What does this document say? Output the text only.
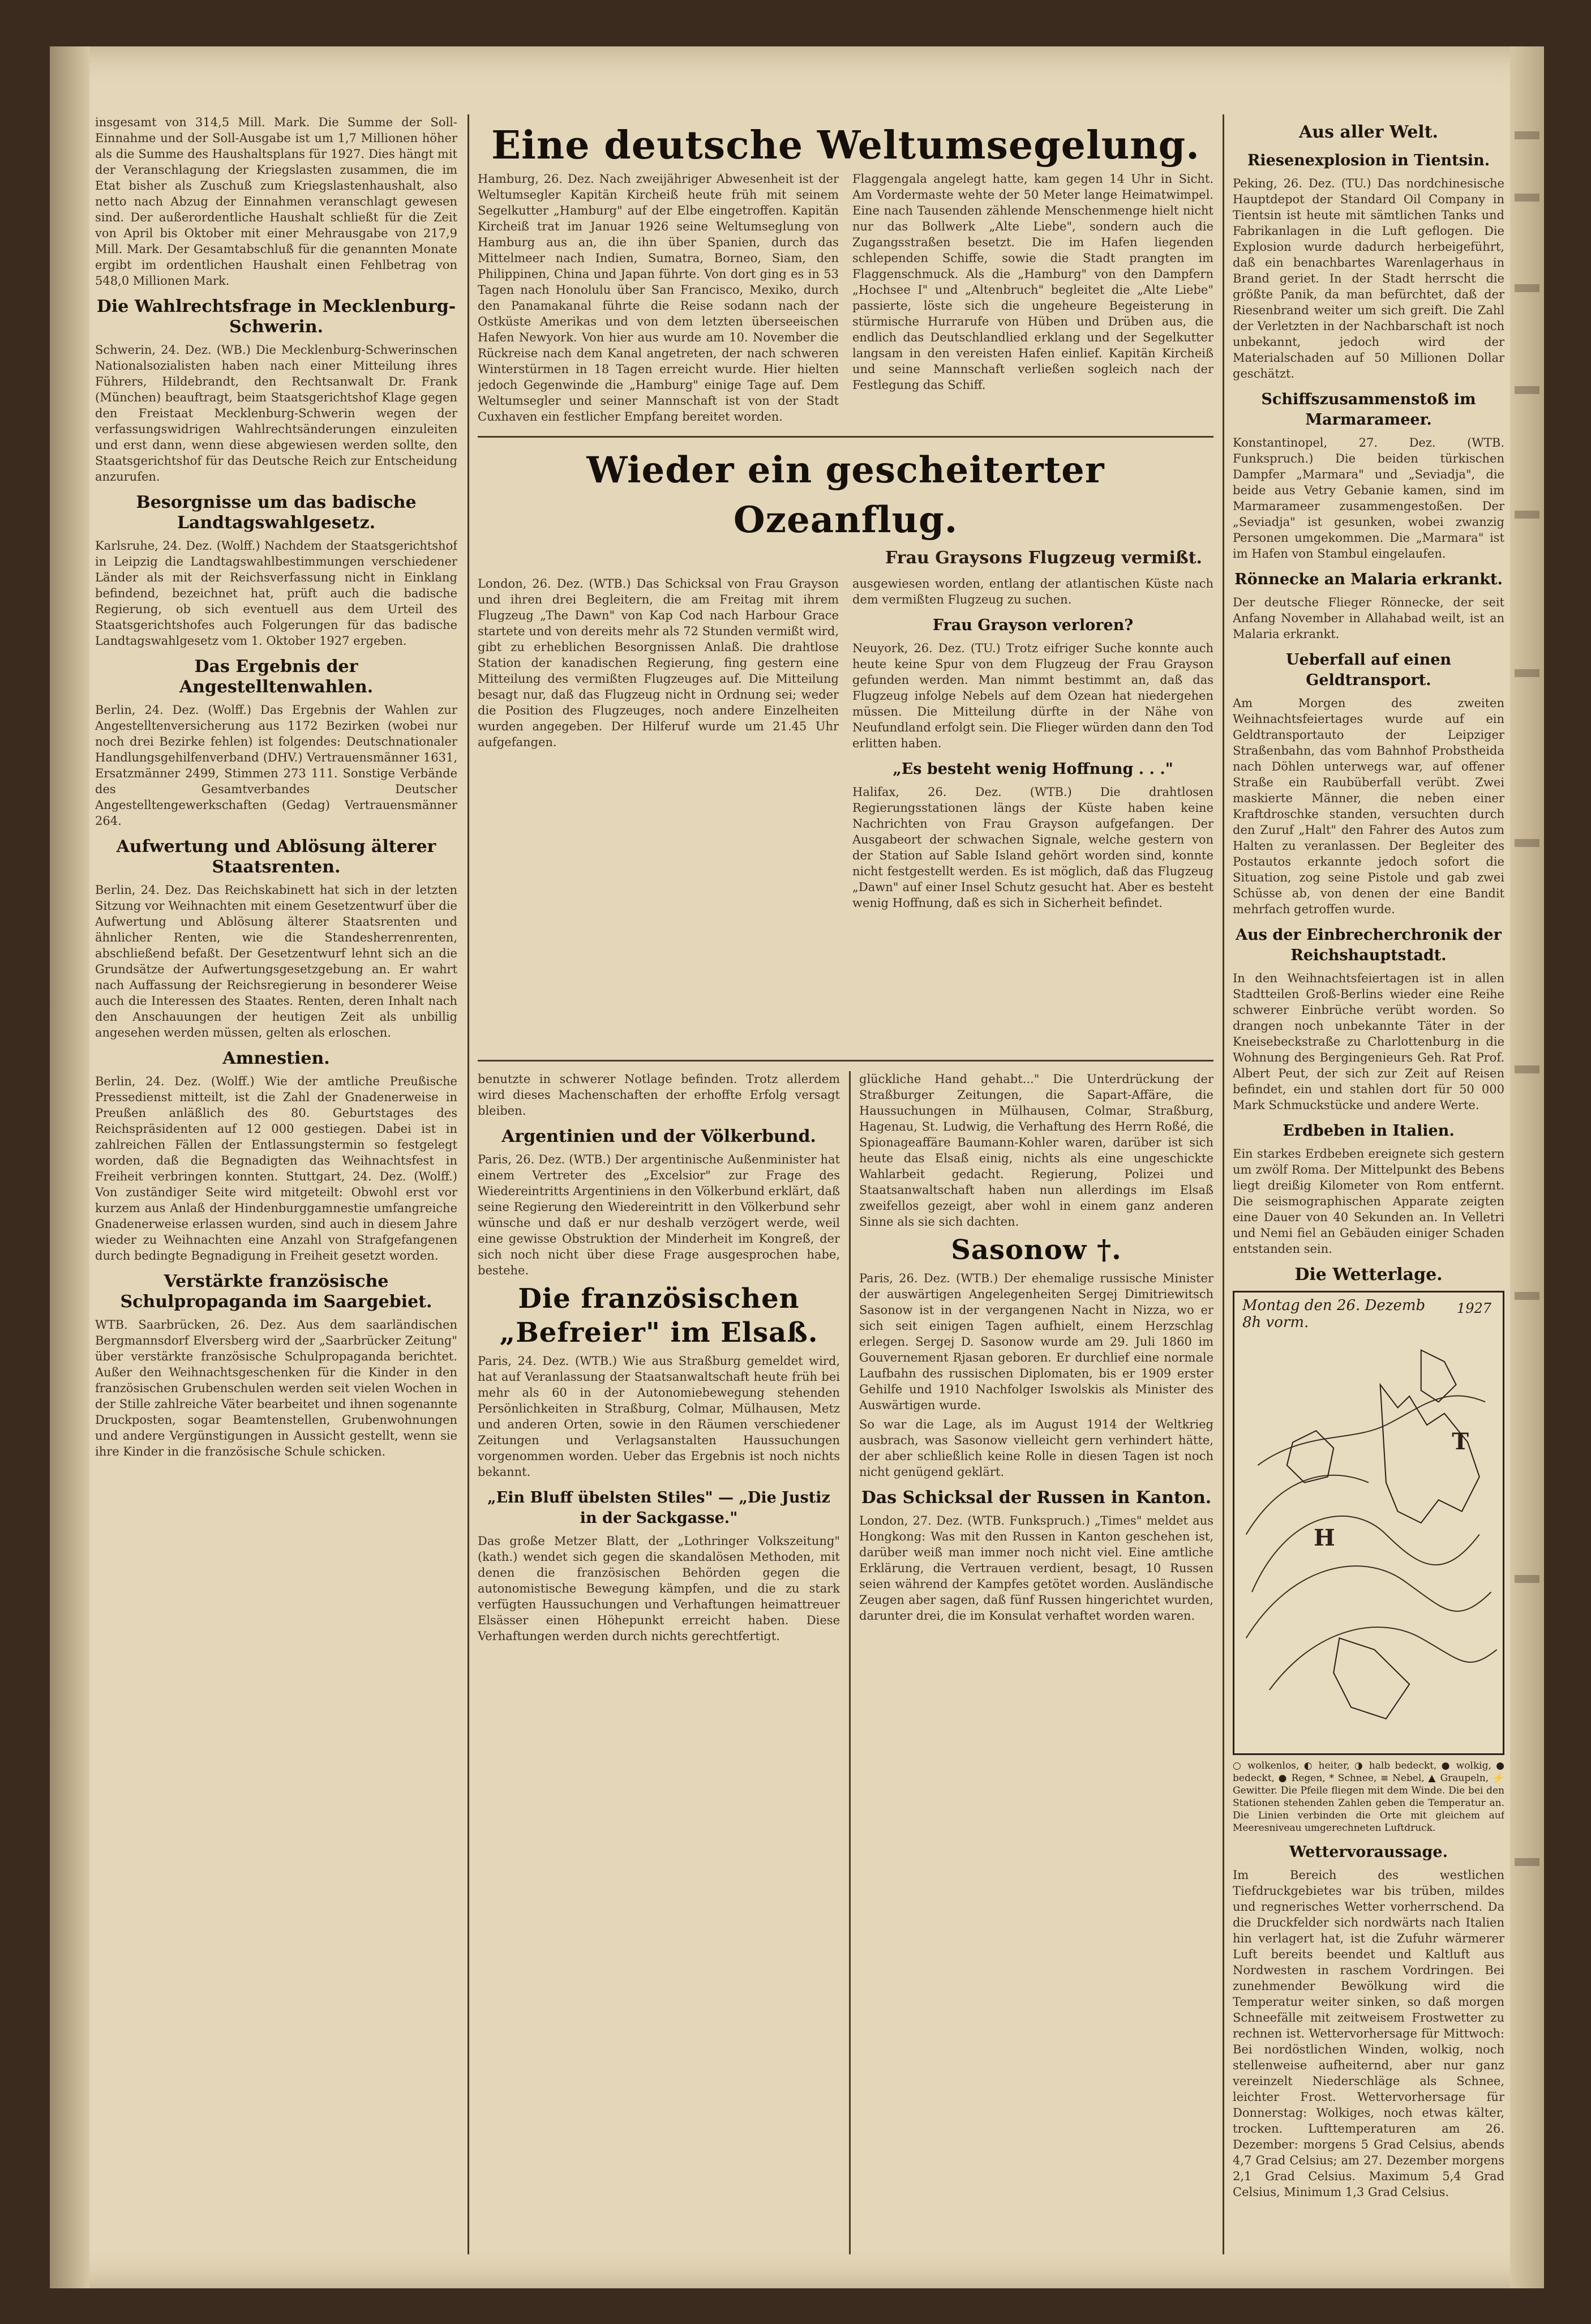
insgesamt von 314,5 Mill. Mark. Die Summe der Soll-Einnahme und der Soll-Ausgabe ist um 1,7 Millionen höher als die Summe des Haushaltsplans für 1927. Dies hängt mit der Veranschlagung der Kriegslasten zusammen, die im Etat bisher als Zuschuß zum Kriegslastenhaushalt, also netto nach Abzug der Einnahmen veranschlagt gewesen sind. Der außerordentliche Haushalt schließt für die Zeit von April bis Oktober mit einer Mehrausgabe von 217,9 Mill. Mark. Der Gesamtabschluß für die genannten Monate ergibt im ordentlichen Haushalt einen Fehlbetrag von 548,0 Millionen Mark.

Die Wahlrechtsfrage in Mecklenburg-Schwerin.

Schwerin, 24. Dez. (WB.) Die Mecklenburg-Schwerinschen Nationalsozialisten haben nach einer Mitteilung ihres Führers, Hildebrandt, den Rechtsanwalt Dr. Frank (München) beauftragt, beim Staatsgerichtshof Klage gegen den Freistaat Mecklenburg-Schwerin wegen der verfassungswidrigen Wahlrechtsänderungen einzuleiten und erst dann, wenn diese abgewiesen werden sollte, den Staatsgerichtshof für das Deutsche Reich zur Entscheidung anzurufen.

Besorgnisse um das badische Landtagswahlgesetz.

Karlsruhe, 24. Dez. (Wolff.) Nachdem der Staatsgerichtshof in Leipzig die Landtagswahlbestimmungen verschiedener Länder als mit der Reichsverfassung nicht in Einklang befindend, bezeichnet hat, prüft auch die badische Regierung, ob sich eventuell aus dem Urteil des Staatsgerichtshofes auch Folgerungen für das badische Landtagswahlgesetz vom 1. Oktober 1927 ergeben.

Das Ergebnis der Angestelltenwahlen.

Berlin, 24. Dez. (Wolff.) Das Ergebnis der Wahlen zur Angestelltenversicherung aus 1172 Bezirken (wobei nur noch drei Bezirke fehlen) ist folgendes: Deutschnationaler Handlungsgehilfenverband (DHV.) Vertrauensmänner 1631, Ersatzmänner 2499, Stimmen 273 111. Sonstige Verbände des Gesamtverbandes Deutscher Angestelltengewerkschaften (Gedag) Vertrauensmänner 264.

Aufwertung und Ablösung älterer Staatsrenten.

Berlin, 24. Dez. Das Reichskabinett hat sich in der letzten Sitzung vor Weihnachten mit einem Gesetzentwurf über die Aufwertung und Ablösung älterer Staatsrenten und ähnlicher Renten, wie die Standesherrenrenten, abschließend befaßt. Der Gesetzentwurf lehnt sich an die Grundsätze der Aufwertungsgesetzgebung an. Er wahrt nach Auffassung der Reichsregierung in besonderer Weise auch die Interessen des Staates. Renten, deren Inhalt nach den Anschauungen der heutigen Zeit als unbillig angesehen werden müssen, gelten als erloschen.

Amnestien.

Berlin, 24. Dez. (Wolff.) Wie der amtliche Preußische Pressedienst mitteilt, ist die Zahl der Gnadenerweise in Preußen anläßlich des 80. Geburtstages des Reichspräsidenten auf 12 000 gestiegen. Dabei ist in zahlreichen Fällen der Entlassungstermin so festgelegt worden, daß die Begnadigten das Weihnachtsfest in Freiheit verbringen konnten. Stuttgart, 24. Dez. (Wolff.) Von zuständiger Seite wird mitgeteilt: Obwohl erst vor kurzem aus Anlaß der Hindenburggamnestie umfangreiche Gnadenerweise erlassen wurden, sind auch in diesem Jahre wieder zu Weihnachten eine Anzahl von Strafgefangenen durch bedingte Begnadigung in Freiheit gesetzt worden.

Verstärkte französische Schulpropaganda im Saargebiet.

WTB. Saarbrücken, 26. Dez. Aus dem saarländischen Bergmannsdorf Elversberg wird der „Saarbrücker Zeitung" über verstärkte französische Schulpropaganda berichtet. Außer den Weihnachtsgeschenken für die Kinder in den französischen Grubenschulen werden seit vielen Wochen in der Stille zahlreiche Väter bearbeitet und ihnen sogenannte Druckposten, sogar Beamtenstellen, Grubenwohnungen und andere Vergünstigungen in Aussicht gestellt, wenn sie ihre Kinder in die französische Schule schicken.

Eine deutsche Weltumsegelung.

Hamburg, 26. Dez. Nach zweijähriger Abwesenheit ist der Weltumsegler Kapitän Kircheiß heute früh mit seinem Segelkutter „Hamburg" auf der Elbe eingetroffen. Kapitän Kircheiß trat im Januar 1926 seine Weltumseglung von Hamburg aus an, die ihn über Spanien, durch das Mittelmeer nach Indien, Sumatra, Borneo, Siam, den Philippinen, China und Japan führte. Von dort ging es in 53 Tagen nach Honolulu über San Francisco, Mexiko, durch den Panamakanal führte die Reise sodann nach der Ostküste Amerikas und von dem letzten überseeischen Hafen Newyork. Von hier aus wurde am 10. November die Rückreise nach dem Kanal angetreten, der nach schweren Winterstürmen in 18 Tagen erreicht wurde. Hier hielten jedoch Gegenwinde die „Hamburg" einige Tage auf. Dem Weltumsegler und seiner Mannschaft ist von der Stadt Cuxhaven ein festlicher Empfang bereitet worden.

Flaggengala angelegt hatte, kam gegen 14 Uhr in Sicht. Am Vordermaste wehte der 50 Meter lange Heimatwimpel. Eine nach Tausenden zählende Menschenmenge hielt nicht nur das Bollwerk „Alte Liebe", sondern auch die Zugangsstraßen besetzt. Die im Hafen liegenden schlependen Schiffe, sowie die Stadt prangten im Flaggenschmuck. Als die „Hamburg" von den Dampfern „Hochsee I" und „Altenbruch" begleitet die „Alte Liebe" passierte, löste sich die ungeheure Begeisterung in stürmische Hurrarufe von Hüben und Drüben aus, die endlich das Deutschlandlied erklang und der Segelkutter langsam in den vereisten Hafen einlief. Kapitän Kircheiß und seine Mannschaft verließen sogleich nach der Festlegung das Schiff.

Wieder ein gescheiterter Ozeanflug.
Frau Graysons Flugzeug vermißt.

London, 26. Dez. (WTB.) Das Schicksal von Frau Grayson und ihren drei Begleitern, die am Freitag mit ihrem Flugzeug „The Dawn" von Kap Cod nach Harbour Grace startete und von dereits mehr als 72 Stunden vermißt wird, gibt zu erheblichen Besorgnissen Anlaß. Die drahtlose Station der kanadischen Regierung, fing gestern eine Mitteilung des vermißten Flugzeuges auf. Die Mitteilung besagt nur, daß das Flugzeug nicht in Ordnung sei; weder die Position des Flugzeuges, noch andere Einzelheiten wurden angegeben. Der Hilferuf wurde um 21.45 Uhr aufgefangen.

ausgewiesen worden, entlang der atlantischen Küste nach dem vermißten Flugzeug zu suchen.

Frau Grayson verloren?

Neuyork, 26. Dez. (TU.) Trotz eifriger Suche konnte auch heute keine Spur von dem Flugzeug der Frau Grayson gefunden werden. Man nimmt bestimmt an, daß das Flugzeug infolge Nebels auf dem Ozean hat niedergehen müssen. Die Mitteilung dürfte in der Nähe von Neufundland erfolgt sein. Die Flieger würden dann den Tod erlitten haben.

„Es besteht wenig Hoffnung . . ."

Halifax, 26. Dez. (WTB.) Die drahtlosen Regierungsstationen längs der Küste haben keine Nachrichten von Frau Grayson aufgefangen. Der Ausgabeort der schwachen Signale, welche gestern von der Station auf Sable Island gehört worden sind, konnte nicht festgestellt werden. Es ist möglich, daß das Flugzeug „Dawn" auf einer Insel Schutz gesucht hat. Aber es besteht wenig Hoffnung, daß es sich in Sicherheit befindet.

benutzte in schwerer Notlage befinden. Trotz allerdem wird dieses Machenschaften der erhoffte Erfolg versagt bleiben.

Argentinien und der Völkerbund.

Paris, 26. Dez. (WTB.) Der argentinische Außenminister hat einem Vertreter des „Excelsior" zur Frage des Wiedereintritts Argentiniens in den Völkerbund erklärt, daß seine Regierung den Wiedereintritt in den Völkerbund sehr wünsche und daß er nur deshalb verzögert werde, weil eine gewisse Obstruktion der Minderheit im Kongreß, der sich noch nicht über diese Frage ausgesprochen habe, bestehe.

Die französischen „Befreier" im Elsaß.

Paris, 24. Dez. (WTB.) Wie aus Straßburg gemeldet wird, hat auf Veranlassung der Staatsanwaltschaft heute früh bei mehr als 60 in der Autonomiebewegung stehenden Persönlichkeiten in Straßburg, Colmar, Mülhausen, Metz und anderen Orten, sowie in den Räumen verschiedener Zeitungen und Verlagsanstalten Haussuchungen vorgenommen worden. Ueber das Ergebnis ist noch nichts bekannt.

„Ein Bluff übelsten Stiles" — „Die Justiz in der Sackgasse."

Das große Metzer Blatt, der „Lothringer Volkszeitung" (kath.) wendet sich gegen die skandalösen Methoden, mit denen die französischen Behörden gegen die autonomistische Bewegung kämpfen, und die zu stark verfügten Haussuchungen und Verhaftungen heimattreuer Elsässer einen Höhepunkt erreicht haben. Diese Verhaftungen werden durch nichts gerechtfertigt.

glückliche Hand gehabt..." Die Unterdrückung der Straßburger Zeitungen, die Sapart-Affäre, die Haussuchungen in Mülhausen, Colmar, Straßburg, Hagenau, St. Ludwig, die Verhaftung des Herrn Roßé, die Spionageaffäre Baumann-Kohler waren, darüber ist sich heute das Elsaß einig, nichts als eine ungeschickte Wahlarbeit gedacht. Regierung, Polizei und Staatsanwaltschaft haben nun allerdings im Elsaß zweifellos gezeigt, aber wohl in einem ganz anderen Sinne als sie sich dachten.

Sasonow †.

Paris, 26. Dez. (WTB.) Der ehemalige russische Minister der auswärtigen Angelegenheiten Sergej Dimitriewitsch Sasonow ist in der vergangenen Nacht in Nizza, wo er sich seit einigen Tagen aufhielt, einem Herzschlag erlegen. Sergej D. Sasonow wurde am 29. Juli 1860 im Gouvernement Rjasan geboren. Er durchlief eine normale Laufbahn des russischen Diplomaten, bis er 1909 erster Gehilfe und 1910 Nachfolger Iswolskis als Minister des Auswärtigen wurde.

So war die Lage, als im August 1914 der Weltkrieg ausbrach, was Sasonow vielleicht gern verhindert hätte, der aber schließlich keine Rolle in diesen Tagen ist noch nicht genügend geklärt.

Das Schicksal der Russen in Kanton.

London, 27. Dez. (WTB. Funkspruch.) „Times" meldet aus Hongkong: Was mit den Russen in Kanton geschehen ist, darüber weiß man immer noch nicht viel. Eine amtliche Erklärung, die Vertrauen verdient, besagt, 10 Russen seien während der Kampfes getötet worden. Ausländische Zeugen aber sagen, daß fünf Russen hingerichtet wurden, darunter drei, die im Konsulat verhaftet worden waren.

Aus aller Welt.
Riesenexplosion in Tientsin.

Peking, 26. Dez. (TU.) Das nordchinesische Hauptdepot der Standard Oil Company in Tientsin ist heute mit sämtlichen Tanks und Fabrikanlagen in die Luft geflogen. Die Explosion wurde dadurch herbeigeführt, daß ein benachbartes Warenlagerhaus in Brand geriet. In der Stadt herrscht die größte Panik, da man befürchtet, daß der Riesenbrand weiter um sich greift. Die Zahl der Verletzten in der Nachbarschaft ist noch unbekannt, jedoch wird der Materialschaden auf 50 Millionen Dollar geschätzt.

Schiffszusammenstoß im Marmarameer.

Konstantinopel, 27. Dez. (WTB. Funkspruch.) Die beiden türkischen Dampfer „Marmara" und „Seviadja", die beide aus Vetry Gebanie kamen, sind im Marmarameer zusammengestoßen. Der „Seviadja" ist gesunken, wobei zwanzig Personen umgekommen. Die „Marmara" ist im Hafen von Stambul eingelaufen.

Rönnecke an Malaria erkrankt.

Der deutsche Flieger Rönnecke, der seit Anfang November in Allahabad weilt, ist an Malaria erkrankt.

Ueberfall auf einen Geldtransport.

Am Morgen des zweiten Weihnachtsfeiertages wurde auf ein Geldtransportauto der Leipziger Straßenbahn, das vom Bahnhof Probstheida nach Döhlen unterwegs war, auf offener Straße ein Raubüberfall verübt. Zwei maskierte Männer, die neben einer Kraftdroschke standen, versuchten durch den Zuruf „Halt" den Fahrer des Autos zum Halten zu veranlassen. Der Begleiter des Postautos erkannte jedoch sofort die Situation, zog seine Pistole und gab zwei Schüsse ab, von denen der eine Bandit mehrfach getroffen wurde.

Aus der Einbrecherchronik der Reichshauptstadt.

In den Weihnachtsfeiertagen ist in allen Stadtteilen Groß-Berlins wieder eine Reihe schwerer Einbrüche verübt worden. So drangen noch unbekannte Täter in der Kneisebeckstraße zu Charlottenburg in die Wohnung des Bergingenieurs Geh. Rat Prof. Albert Peut, der sich zur Zeit auf Reisen befindet, ein und stahlen dort für 50 000 Mark Schmuckstücke und andere Werte.

Erdbeben in Italien.

Ein starkes Erdbeben ereignete sich gestern um zwölf Roma. Der Mittelpunkt des Bebens liegt dreißig Kilometer von Rom entfernt. Die seismographischen Apparate zeigten eine Dauer von 40 Sekunden an. In Velletri und Nemi fiel an Gebäuden einiger Schaden entstanden sein.

Die Wetterlage.
Montag den 26. Dezemb
8h vorm.
1927
H
T
○ wolkenlos, ◐ heiter, ◑ halb bedeckt, ● wolkig, ● bedeckt, ● Regen, * Schnee, ≡ Nebel, ▲ Graupeln, ⚡ Gewitter. Die Pfeile fliegen mit dem Winde. Die bei den Stationen stehenden Zahlen geben die Temperatur an. Die Linien verbinden die Orte mit gleichem auf Meeresniveau umgerechneten Luftdruck.
Wettervoraussage.

Im Bereich des westlichen Tiefdruckgebietes war bis trüben, mildes und regnerisches Wetter vorherrschend. Da die Druckfelder sich nordwärts nach Italien hin verlagert hat, ist die Zufuhr wärmerer Luft bereits beendet und Kaltluft aus Nordwesten in raschem Vordringen. Bei zunehmender Bewölkung wird die Temperatur weiter sinken, so daß morgen Schneefälle mit zeitweisem Frostwetter zu rechnen ist. Wettervorhersage für Mittwoch: Bei nordöstlichen Winden, wolkig, noch stellenweise aufheiternd, aber nur ganz vereinzelt Niederschläge als Schnee, leichter Frost. Wettervorhersage für Donnerstag: Wolkiges, noch etwas kälter, trocken. Lufttemperaturen am 26. Dezember: morgens 5 Grad Celsius, abends 4,7 Grad Celsius; am 27. Dezember morgens 2,1 Grad Celsius. Maximum 5,4 Grad Celsius, Minimum 1,3 Grad Celsius.
